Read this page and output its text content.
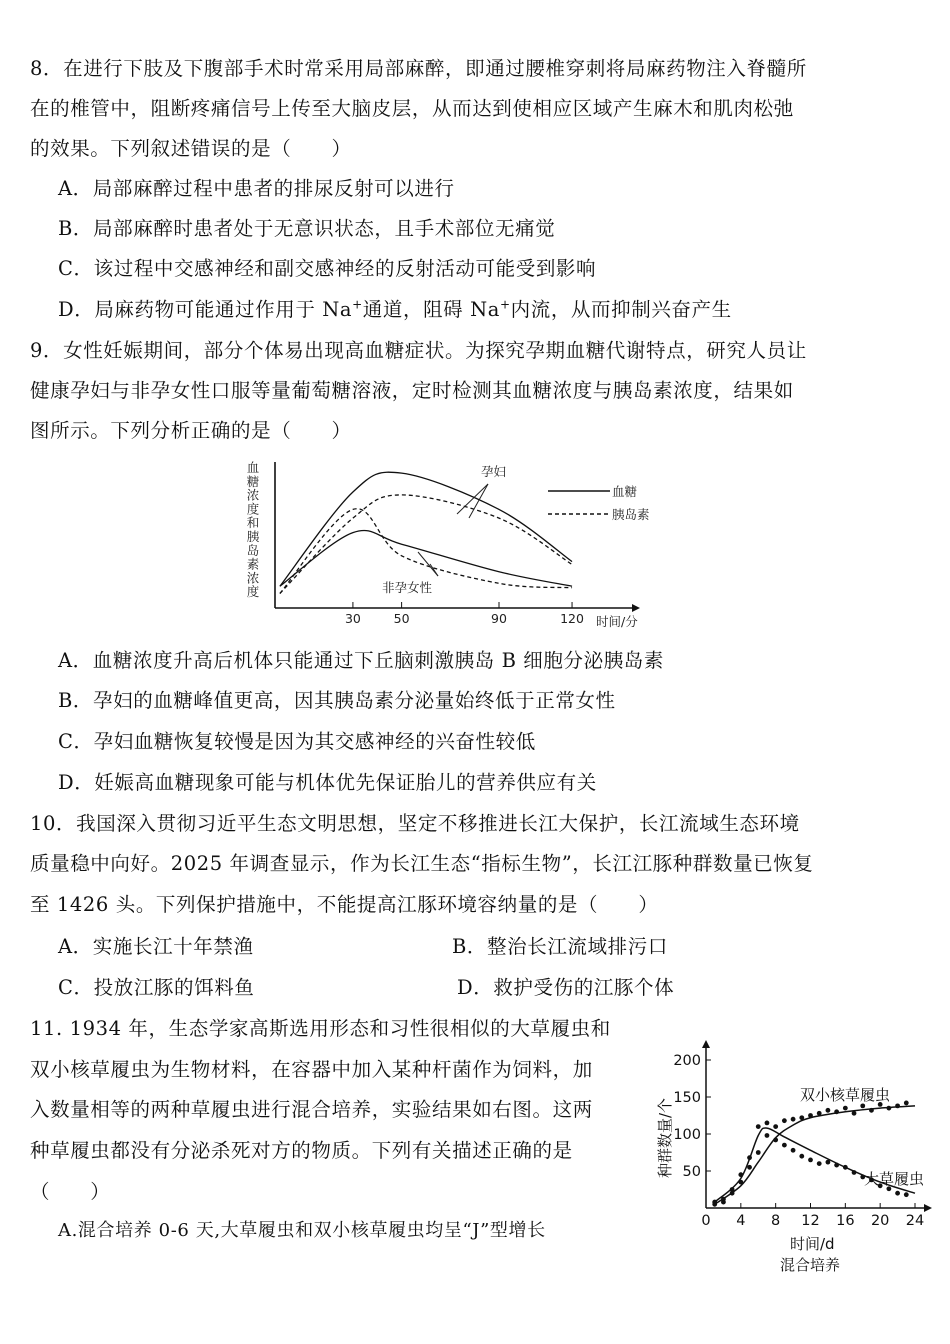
8．在进行下肢及下腹部手术时常采用局部麻醉，即通过腰椎穿刺将局麻药物注入脊髓所
在的椎管中，阻断疼痛信号上传至大脑皮层，从而达到使相应区域产生麻木和肌肉松弛
的效果。下列叙述错误的是（　　）
A．局部麻醉过程中患者的排尿反射可以进行
B．局部麻醉时患者处于无意识状态，且手术部位无痛觉
C．该过程中交感神经和副交感神经的反射活动可能受到影响
D．局麻药物可能通过作用于 Na+通道，阻碍 Na+内流，从而抑制兴奋产生
9．女性妊娠期间，部分个体易出现高血糖症状。为探究孕期血糖代谢特点，研究人员让
健康孕妇与非孕女性口服等量葡萄糖溶液，定时检测其血糖浓度与胰岛素浓度，结果如
图所示。下列分析正确的是（　　）
血
糖
浓
度
和
胰
岛
素
浓
度
30	50	90	120 时间/分
孕妇
非孕女性
血糖
胰岛素
A．血糖浓度升高后机体只能通过下丘脑刺激胰岛 B 细胞分泌胰岛素
B．孕妇的血糖峰值更高，因其胰岛素分泌量始终低于正常女性
C．孕妇血糖恢复较慢是因为其交感神经的兴奋性较低
D．妊娠高血糖现象可能与机体优先保证胎儿的营养供应有关
10．我国深入贯彻习近平生态文明思想，坚定不移推进长江大保护，长江流域生态环境
质量稳中向好。2025 年调查显示，作为长江生态“指标生物”，长江江豚种群数量已恢复
至 1426 头。下列保护措施中，不能提高江豚环境容纳量的是（　　）
A．实施长江十年禁渔	B．整治长江流域排污口
C．投放江豚的饵料鱼	D．救护受伤的江豚个体
11. 1934 年，生态学家高斯选用形态和习性很相似的大草履虫和
双小核草履虫为生物材料，在容器中加入某种杆菌作为饲料，加
入数量相等的两种草履虫进行混合培养，实验结果如右图。这两
种草履虫都没有分泌杀死对方的物质。下列有关描述正确的是
（　　）
A.混合培养 0-6 天,大草履虫和双小核草履虫均呈“J”型增长
种群数量/个
0 4 8 12 16 20 24
50
100
150
200
双小核草履虫
大草履虫
时间/d
混合培养
